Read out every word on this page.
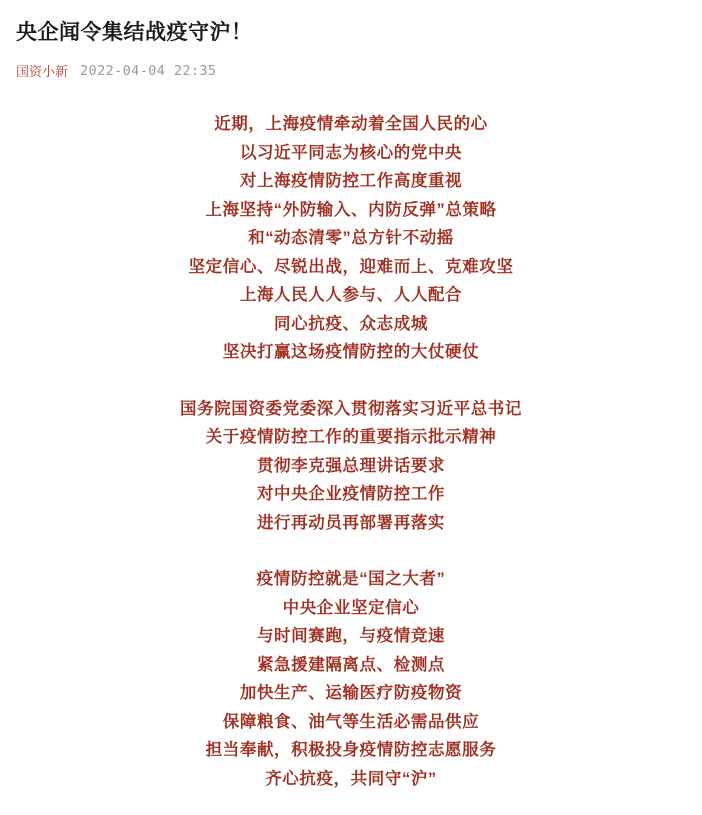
央企闻令集结战疫守沪！
国资小新 2022-04-04 22:35

近期，上海疫情牵动着全国人民的心
以习近平同志为核心的党中央
对上海疫情防控工作高度重视
上海坚持“外防输入、内防反弹”总策略
和“动态清零”总方针不动摇
坚定信心、尽锐出战，迎难而上、克难攻坚
上海人民人人参与、人人配合
同心抗疫、众志成城
坚决打赢这场疫情防控的大仗硬仗

国务院国资委党委深入贯彻落实习近平总书记
关于疫情防控工作的重要指示批示精神
贯彻李克强总理讲话要求
对中央企业疫情防控工作
进行再动员再部署再落实

疫情防控就是“国之大者”
中央企业坚定信心
与时间赛跑，与疫情竞速
紧急援建隔离点、检测点
加快生产、运输医疗防疫物资
保障粮食、油气等生活必需品供应
担当奉献，积极投身疫情防控志愿服务
齐心抗疫，共同守“沪”
